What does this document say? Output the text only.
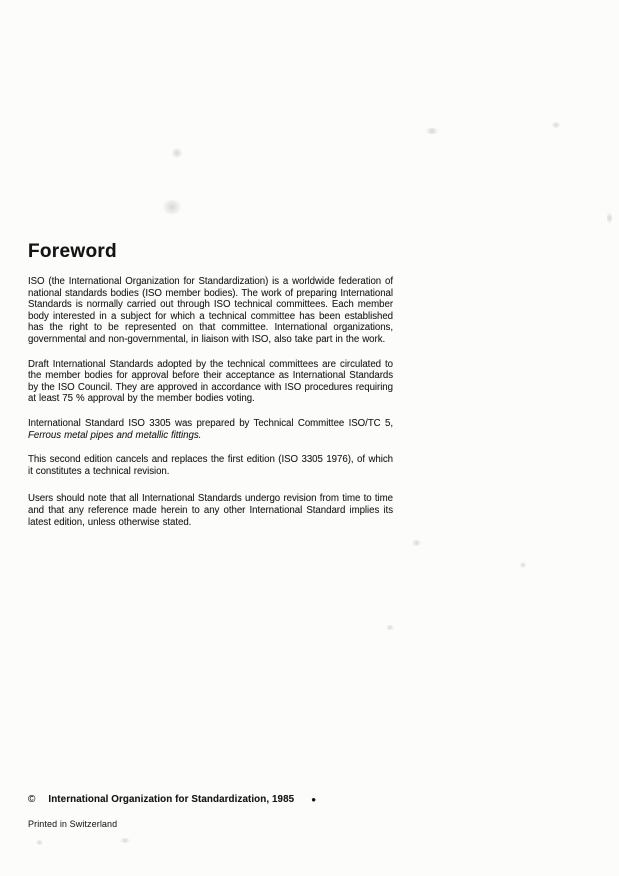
Foreword

ISO (the International Organization for Standardization) is a worldwide federation of national standards bodies (ISO member bodies). The work of preparing International Standards is normally carried out through ISO technical committees. Each member body interested in a subject for which a technical committee has been established has the right to be represented on that committee. International organizations, governmental and non-governmental, in liaison with ISO, also take part in the work.

Draft International Standards adopted by the technical committees are circulated to the member bodies for approval before their acceptance as International Standards by the ISO Council. They are approved in accordance with ISO procedures requiring at least 75 % approval by the member bodies voting.

International Standard ISO 3305 was prepared by Technical Committee ISO/TC 5, Ferrous metal pipes and metallic fittings.

This second edition cancels and replaces the first edition (ISO 3305 1976), of which it constitutes a technical revision.

Users should note that all International Standards undergo revision from time to time and that any reference made herein to any other International Standard implies its latest edition, unless otherwise stated.

© International Organization for Standardization, 1985 ●
Printed in Switzerland
